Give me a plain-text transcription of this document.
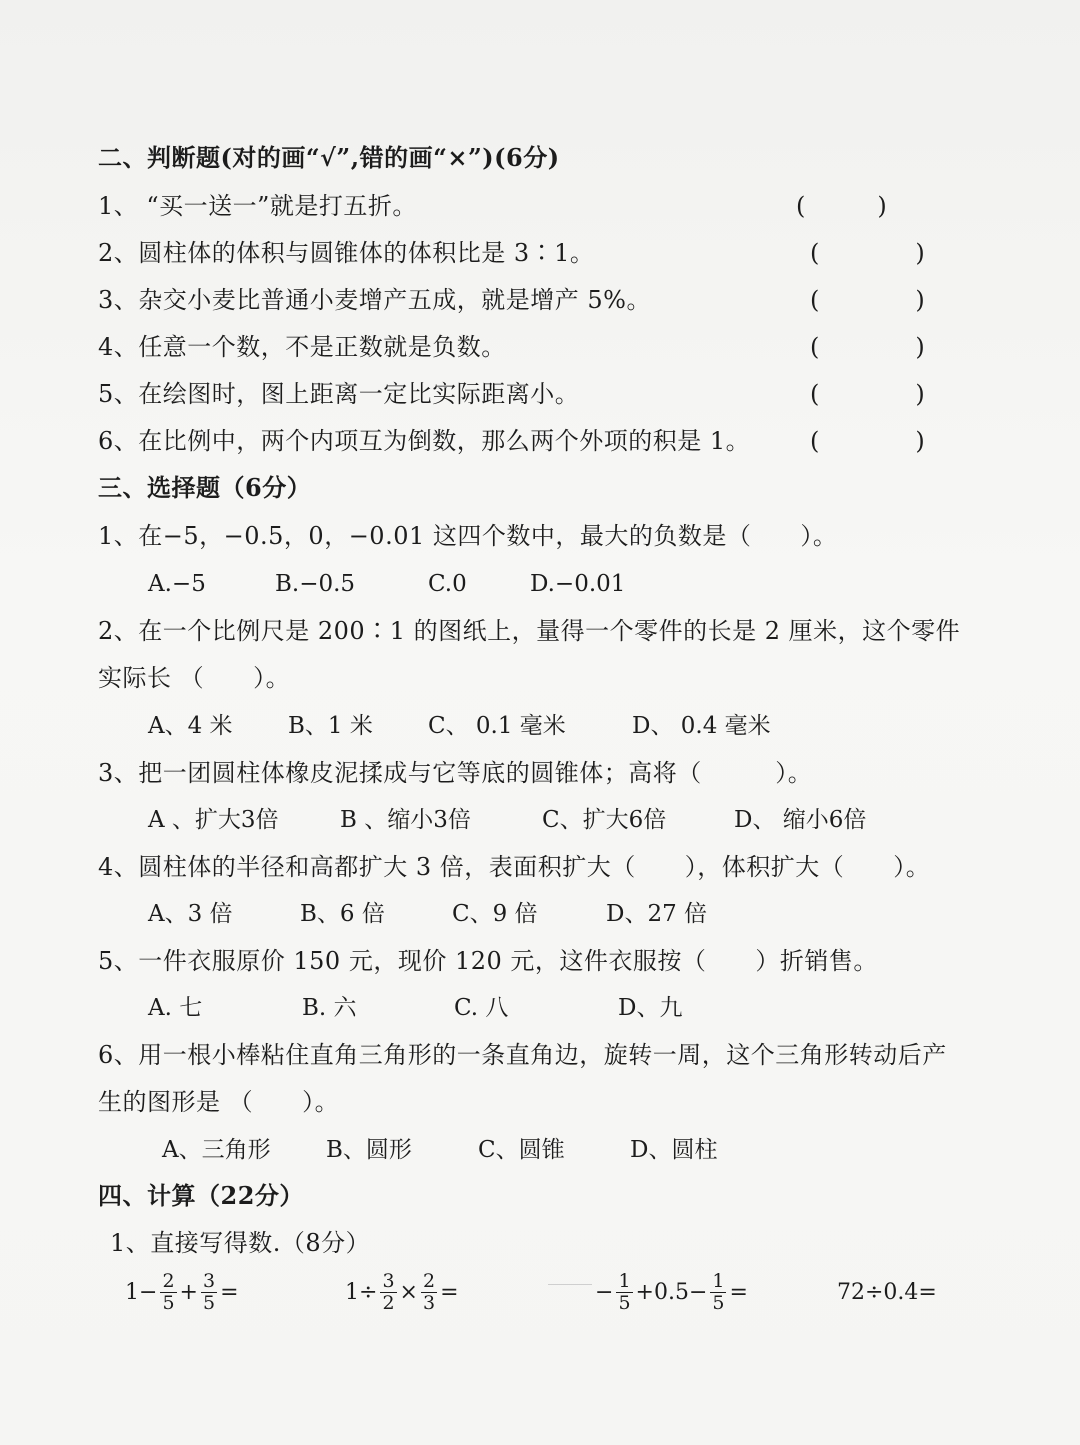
二、判断题(对的画“√”,错的画“×”)(6分)
1、 “买一送一”就是打五折。	(　　　)
2、圆柱体的体积与圆锥体的体积比是 3∶1。	(　　　　)
3、杂交小麦比普通小麦增产五成，就是增产 5%。	(　　　　)
4、任意一个数，不是正数就是负数。	(　　　　)
5、在绘图时，图上距离一定比实际距离小。	(　　　　)
6、在比例中，两个内项互为倒数，那么两个外项的积是 1。 (　　　　)
三、选择题（6分）
1、在−5，−0.5，0，−0.01 这四个数中，最大的负数是（　　）。
A.−5	B.−0.5	C.0	D.−0.01
2、在一个比例尺是 200∶1 的图纸上，量得一个零件的长是 2 厘米，这个零件
实际长 （　　）。
A、4 米 B、1 米 C、 0.1 毫米	D、 0.4 毫米
3、把一团圆柱体橡皮泥揉成与它等底的圆锥体；高将（　　　）。
A 、扩大3倍	B 、缩小3倍	C、扩大6倍	D、 缩小6倍
4、圆柱体的半径和高都扩大 3 倍，表面积扩大（　　），体积扩大（　　）。
A、3 倍	B、6 倍	C、9 倍	D、27 倍
5、一件衣服原价 150 元，现价 120 元，这件衣服按（　　）折销售。
A. 七	B. 六	C. 八	D、九
6、用一根小棒粘住直角三角形的一条直角边，旋转一周，这个三角形转动后产
生的图形是 （　　）。
A、三角形 B、圆形	C、圆锥	D、圆柱
四、计算（22分）
1、直接写得数.（8分）
$1- \frac{2}{5} + \frac{3}{5}$ =	$1\div \frac{3}{2} \times \frac{2}{3}$ =	− $\frac{1}{5} +0.5- \frac{1}{5}$ =	72÷0.4=
